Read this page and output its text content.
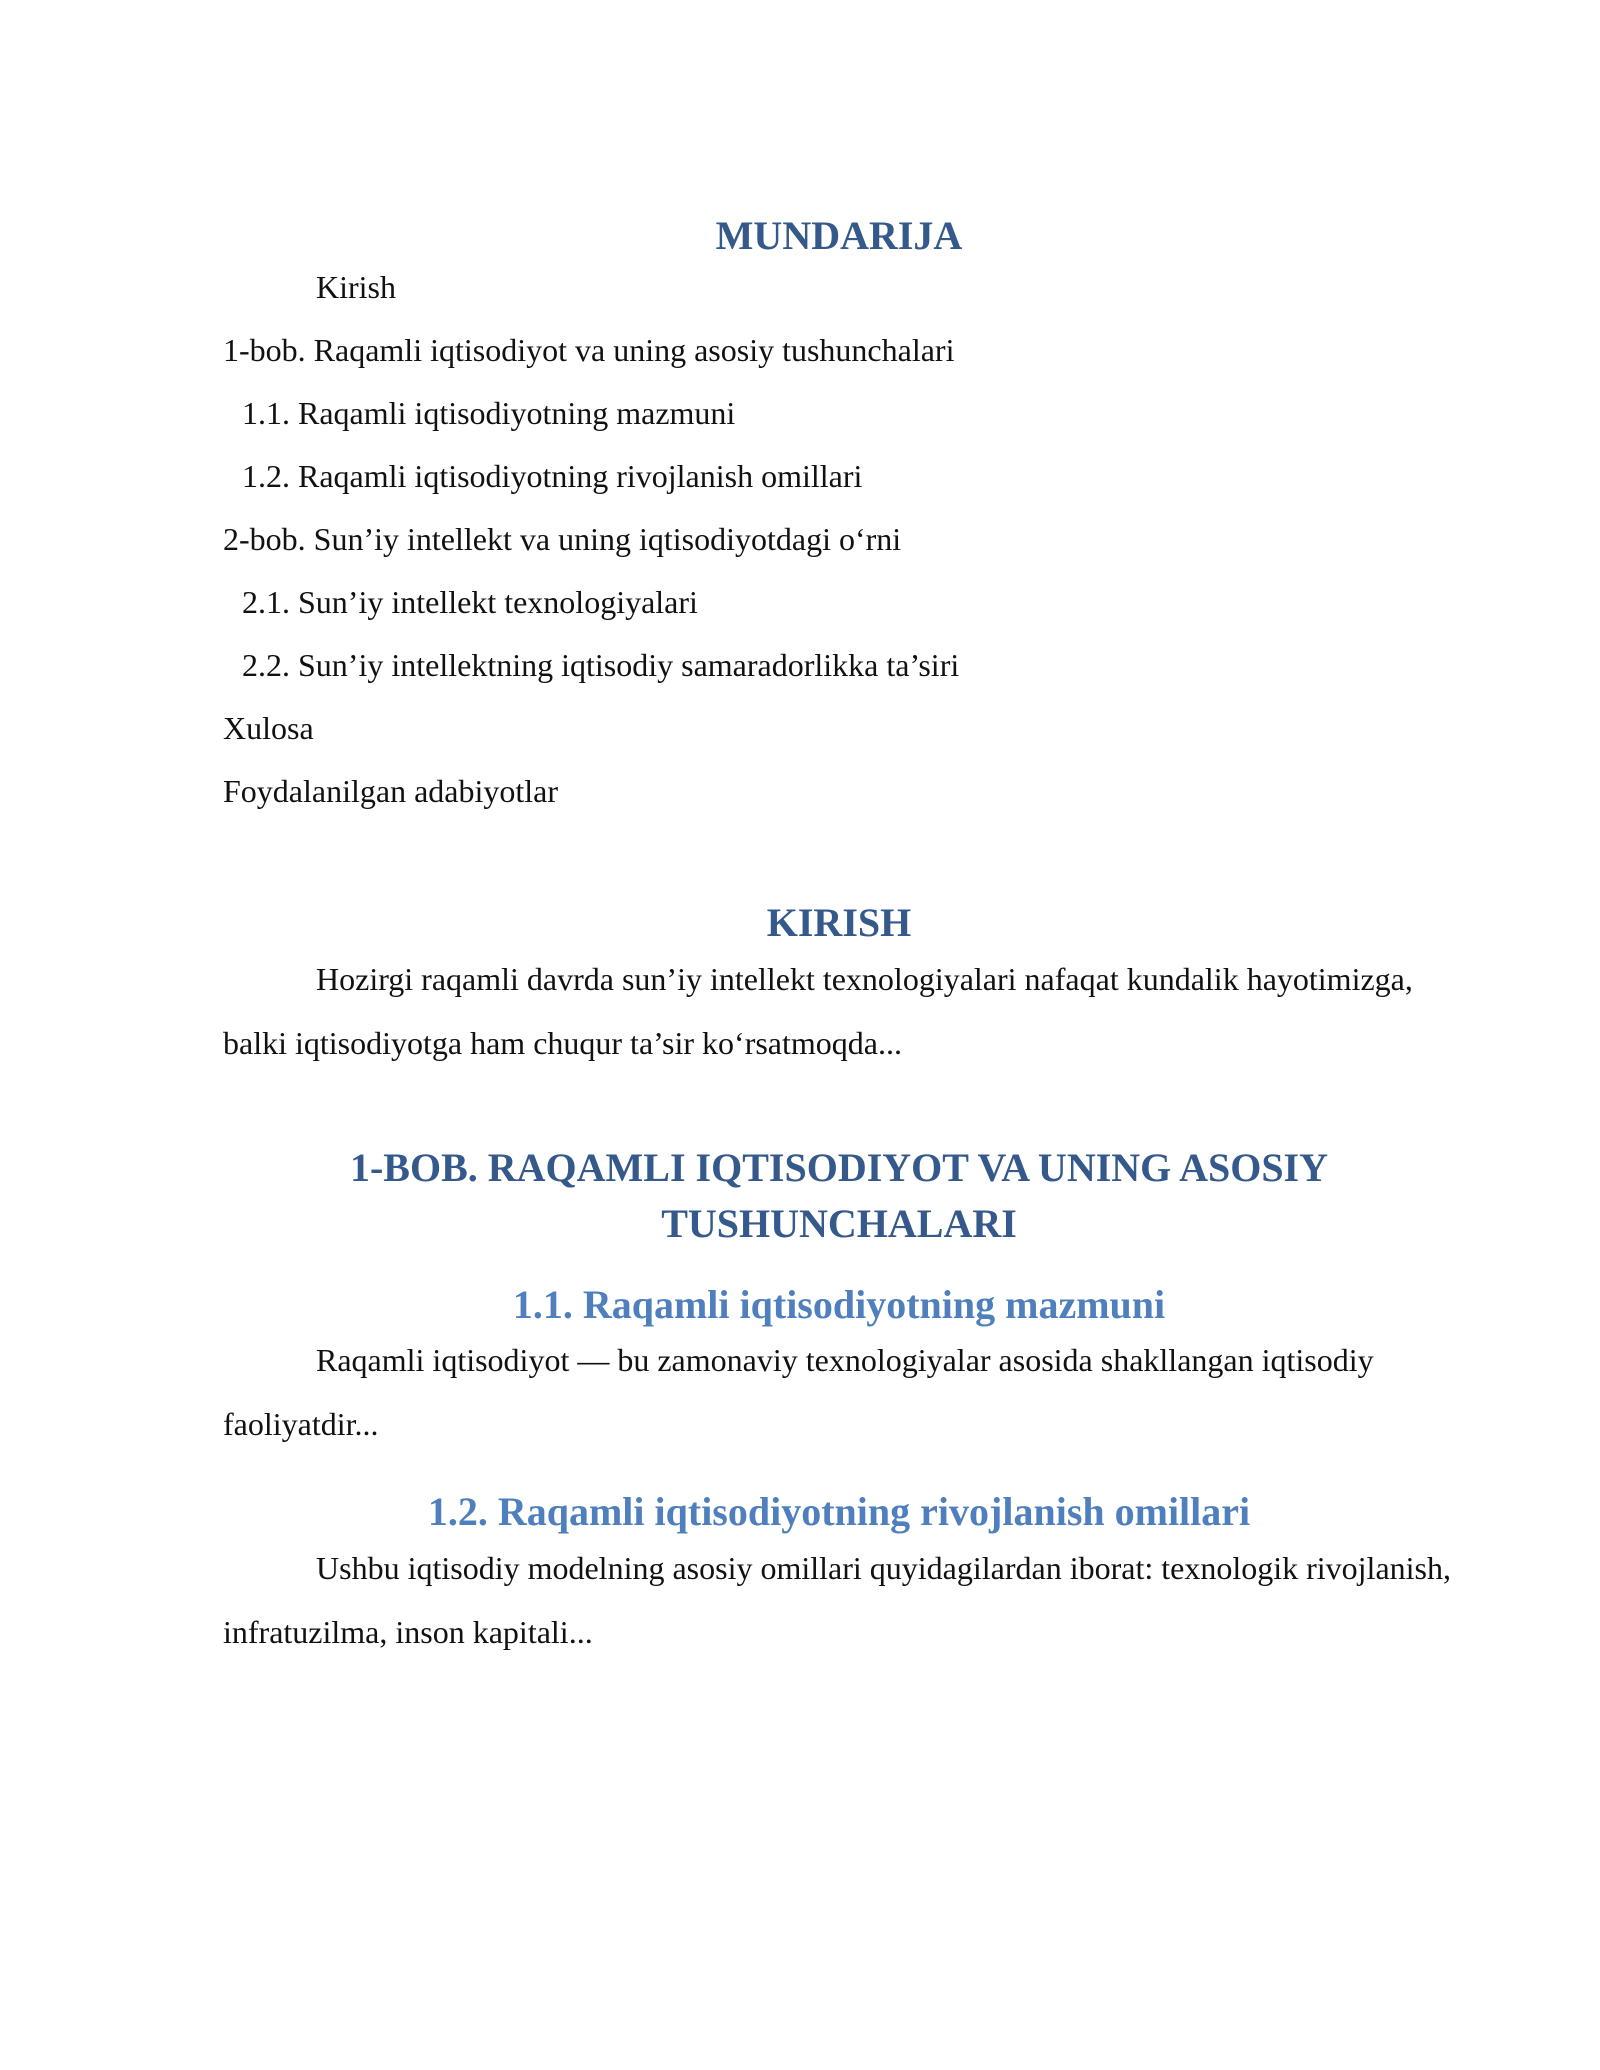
MUNDARIJA

Kirish

1-bob. Raqamli iqtisodiyot va uning asosiy tushunchalari

1.1. Raqamli iqtisodiyotning mazmuni

1.2. Raqamli iqtisodiyotning rivojlanish omillari

2-bob. Sun’iy intellekt va uning iqtisodiyotdagi o‘rni

2.1. Sun’iy intellekt texnologiyalari

2.2. Sun’iy intellektning iqtisodiy samaradorlikka ta’siri

Xulosa

Foydalanilgan adabiyotlar

KIRISH

Hozirgi raqamli davrda sun’iy intellekt texnologiyalari nafaqat kundalik hayotimizga, balki iqtisodiyotga ham chuqur ta’sir ko‘rsatmoqda...

1-BOB. RAQAMLI IQTISODIYOT VA UNING ASOSIY
TUSHUNCHALARI
1.1. Raqamli iqtisodiyotning mazmuni

Raqamli iqtisodiyot — bu zamonaviy texnologiyalar asosida shakllangan iqtisodiy faoliyatdir...

1.2. Raqamli iqtisodiyotning rivojlanish omillari

Ushbu iqtisodiy modelning asosiy omillari quyidagilardan iborat: texnologik rivojlanish, infratuzilma, inson kapitali...
